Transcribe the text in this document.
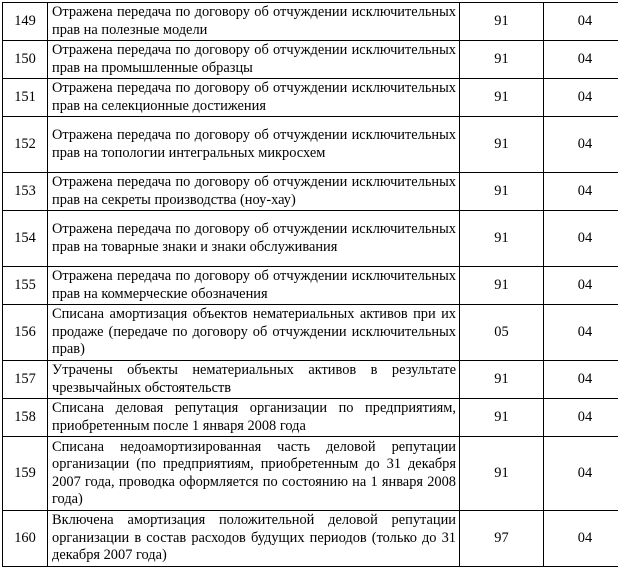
149	Отражена передача по договору об отчуждении исключительных прав на полезные модели	91	04
150	Отражена передача по договору об отчуждении исключительных прав на промышленные образцы	91	04
151	Отражена передача по договору об отчуждении исключительных прав на селекционные достижения	91	04
152	Отражена передача по договору об отчуждении исключительных прав на топологии интегральных микросхем	91	04
153	Отражена передача по договору об отчуждении исключительных прав на секреты производства (ноу-хау)	91	04
154	Отражена передача по договору об отчуждении исключительных прав на товарные знаки и знаки обслуживания	91	04
155	Отражена передача по договору об отчуждении исключительных прав на коммерческие обозначения	91	04
156	Списана амортизация объектов нематериальных активов при их продаже (передаче по договору об отчуждении исключительных прав)	05	04
157	Утрачены объекты нематериальных активов в результате чрезвычайных обстоятельств	91	04
158	Списана деловая репутация организации по предприятиям, приобретенным после 1 января 2008 года	91	04
159	Списана недоамортизированная часть деловой репутации организации (по предприятиям, приобретенным до 31 декабря 2007 года, проводка оформляется по состоянию на 1 января 2008 года)	91	04
160	Включена амортизация положительной деловой репутации организации в состав расходов будущих периодов (только до 31 декабря 2007 года)	97	04
